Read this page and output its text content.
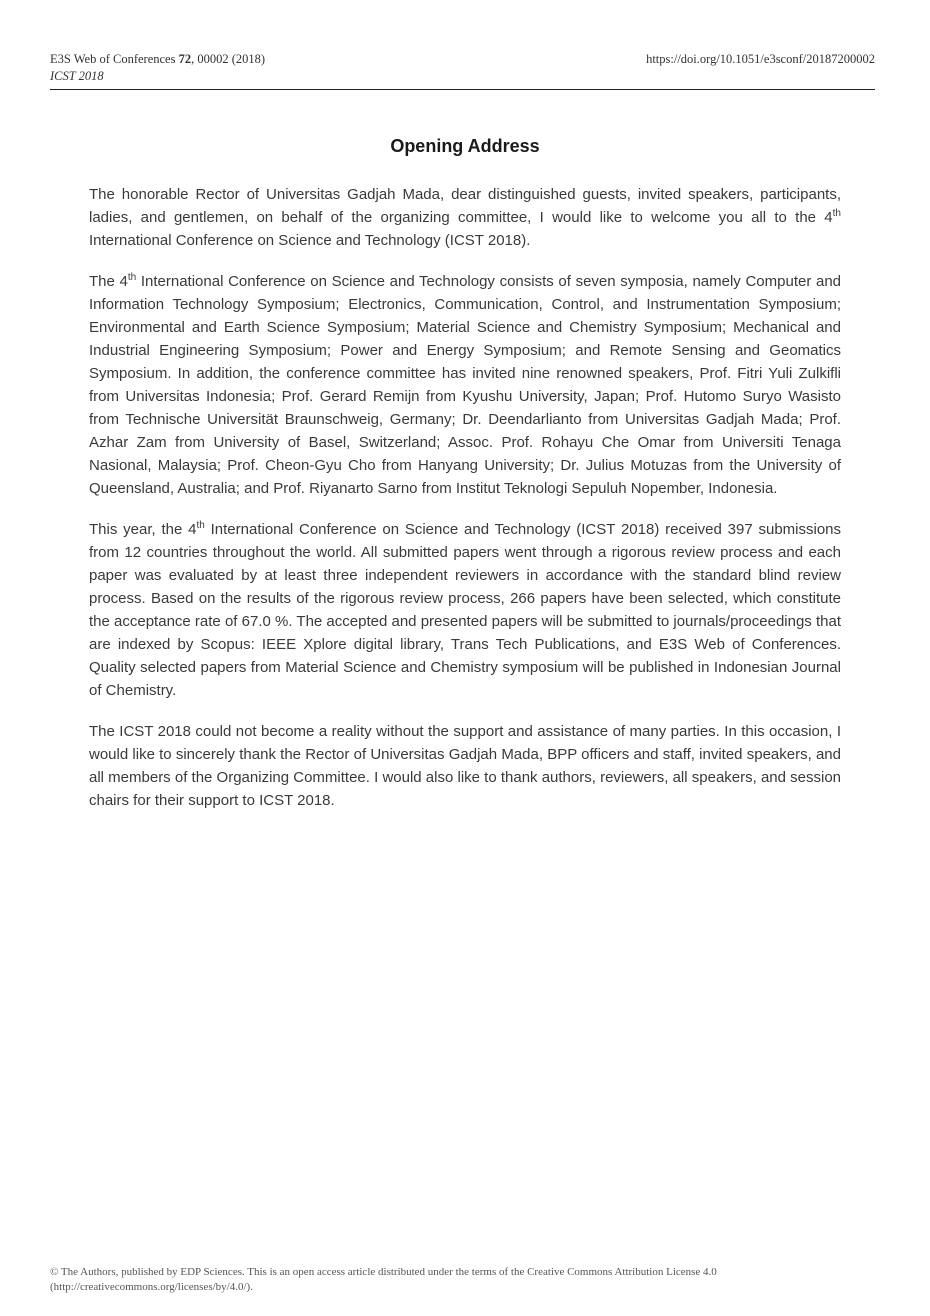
E3S Web of Conferences 72, 00002 (2018)	https://doi.org/10.1051/e3sconf/20187200002
ICST 2018
Opening Address

The honorable Rector of Universitas Gadjah Mada, dear distinguished guests, invited speakers, participants, ladies, and gentlemen, on behalf of the organizing committee, I would like to welcome you all to the 4th International Conference on Science and Technology (ICST 2018).

The 4th International Conference on Science and Technology consists of seven symposia, namely Computer and Information Technology Symposium; Electronics, Communication, Control, and Instrumentation Symposium; Environmental and Earth Science Symposium; Material Science and Chemistry Symposium; Mechanical and Industrial Engineering Symposium; Power and Energy Symposium; and Remote Sensing and Geomatics Symposium. In addition, the conference committee has invited nine renowned speakers, Prof. Fitri Yuli Zulkifli from Universitas Indonesia; Prof. Gerard Remijn from Kyushu University, Japan; Prof. Hutomo Suryo Wasisto from Technische Universität Braunschweig, Germany; Dr. Deendarlianto from Universitas Gadjah Mada; Prof. Azhar Zam from University of Basel, Switzerland; Assoc. Prof. Rohayu Che Omar from Universiti Tenaga Nasional, Malaysia; Prof. Cheon-Gyu Cho from Hanyang University; Dr. Julius Motuzas from the University of Queensland, Australia; and Prof. Riyanarto Sarno from Institut Teknologi Sepuluh Nopember, Indonesia.

This year, the 4th International Conference on Science and Technology (ICST 2018) received 397 submissions from 12 countries throughout the world. All submitted papers went through a rigorous review process and each paper was evaluated by at least three independent reviewers in accordance with the standard blind review process. Based on the results of the rigorous review process, 266 papers have been selected, which constitute the acceptance rate of 67.0 %. The accepted and presented papers will be submitted to journals/proceedings that are indexed by Scopus: IEEE Xplore digital library, Trans Tech Publications, and E3S Web of Conferences. Quality selected papers from Material Science and Chemistry symposium will be published in Indonesian Journal of Chemistry.

The ICST 2018 could not become a reality without the support and assistance of many parties. In this occasion, I would like to sincerely thank the Rector of Universitas Gadjah Mada, BPP officers and staff, invited speakers, and all members of the Organizing Committee. I would also like to thank authors, reviewers, all speakers, and session chairs for their support to ICST 2018.

© The Authors, published by EDP Sciences. This is an open access article distributed under the terms of the Creative Commons Attribution License 4.0
(http://creativecommons.org/licenses/by/4.0/).
